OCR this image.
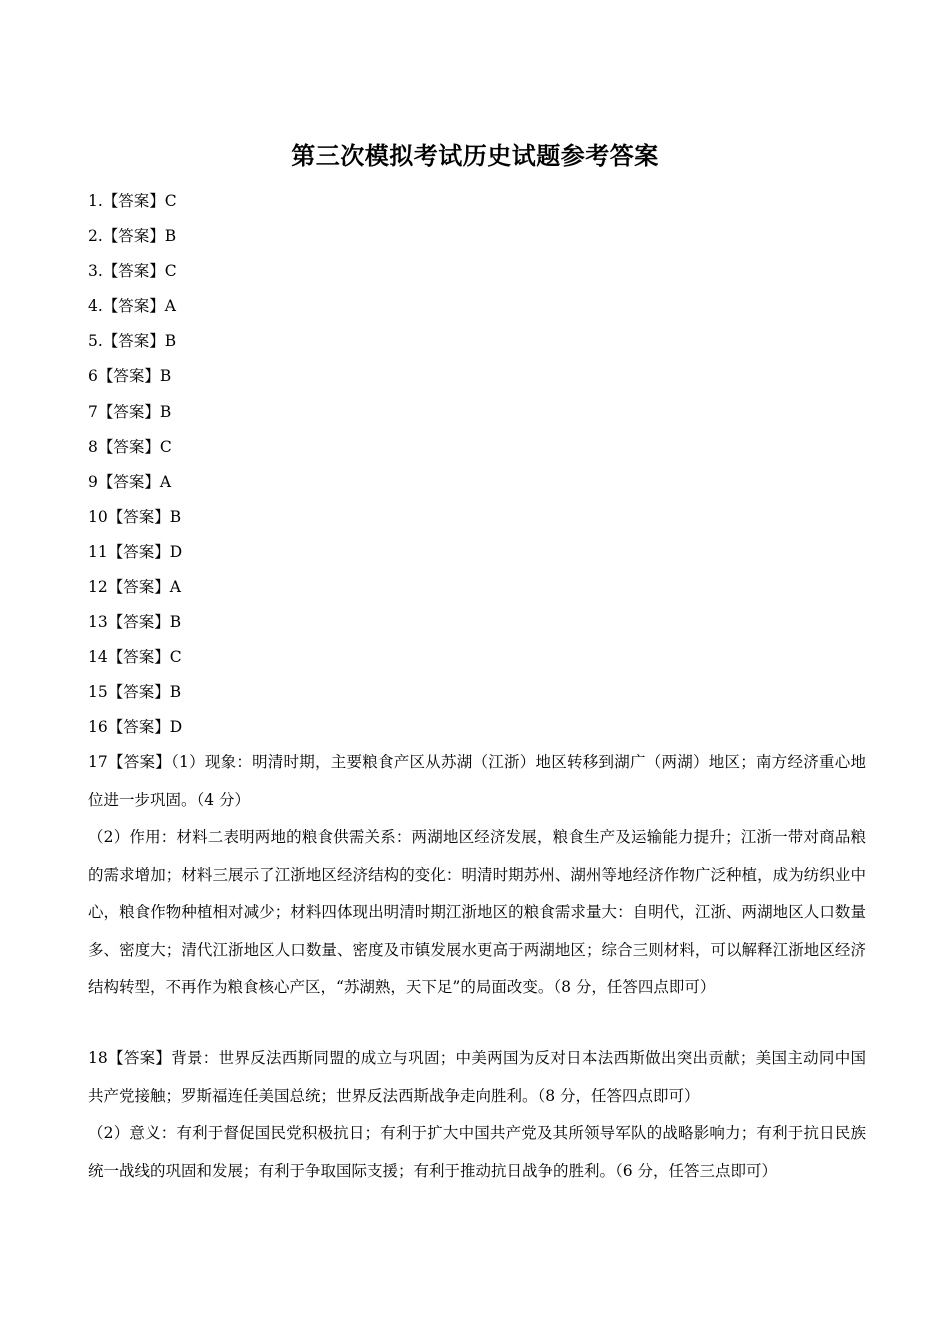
第三次模拟考试历史试题参考答案
1.【答案】C
2.【答案】B
3.【答案】C
4.【答案】A
5.【答案】B
6【答案】B
7【答案】B
8【答案】C
9【答案】A
10【答案】B
11【答案】D
12【答案】A
13【答案】B
14【答案】C
15【答案】B
16【答案】D

17【答案】（1）现象：明清时期，主要粮食产区从苏湖（江浙）地区转移到湖广（两湖）地区；南方经济重心地位进一步巩固。（4 分）

（2）作用：材料二表明两地的粮食供需关系：两湖地区经济发展，粮食生产及运输能力提升；江浙一带对商品粮的需求增加；材料三展示了江浙地区经济结构的变化：明清时期苏州、湖州等地经济作物广泛种植，成为纺织业中心，粮食作物种植相对减少；材料四体现出明清时期江浙地区的粮食需求量大：自明代，江浙、两湖地区人口数量多、密度大；清代江浙地区人口数量、密度及市镇发展水更高于两湖地区；综合三则材料，可以解释江浙地区经济结构转型，不再作为粮食核心产区，“苏湖熟，天下足”的局面改变。（8 分，任答四点即可）

18【答案】背景：世界反法西斯同盟的成立与巩固；中美两国为反对日本法西斯做出突出贡献；美国主动同中国共产党接触；罗斯福连任美国总统；世界反法西斯战争走向胜利。（8 分，任答四点即可）

（2）意义：有利于督促国民党积极抗日；有利于扩大中国共产党及其所领导军队的战略影响力；有利于抗日民族统一战线的巩固和发展；有利于争取国际支援；有利于推动抗日战争的胜利。（6 分，任答三点即可）
